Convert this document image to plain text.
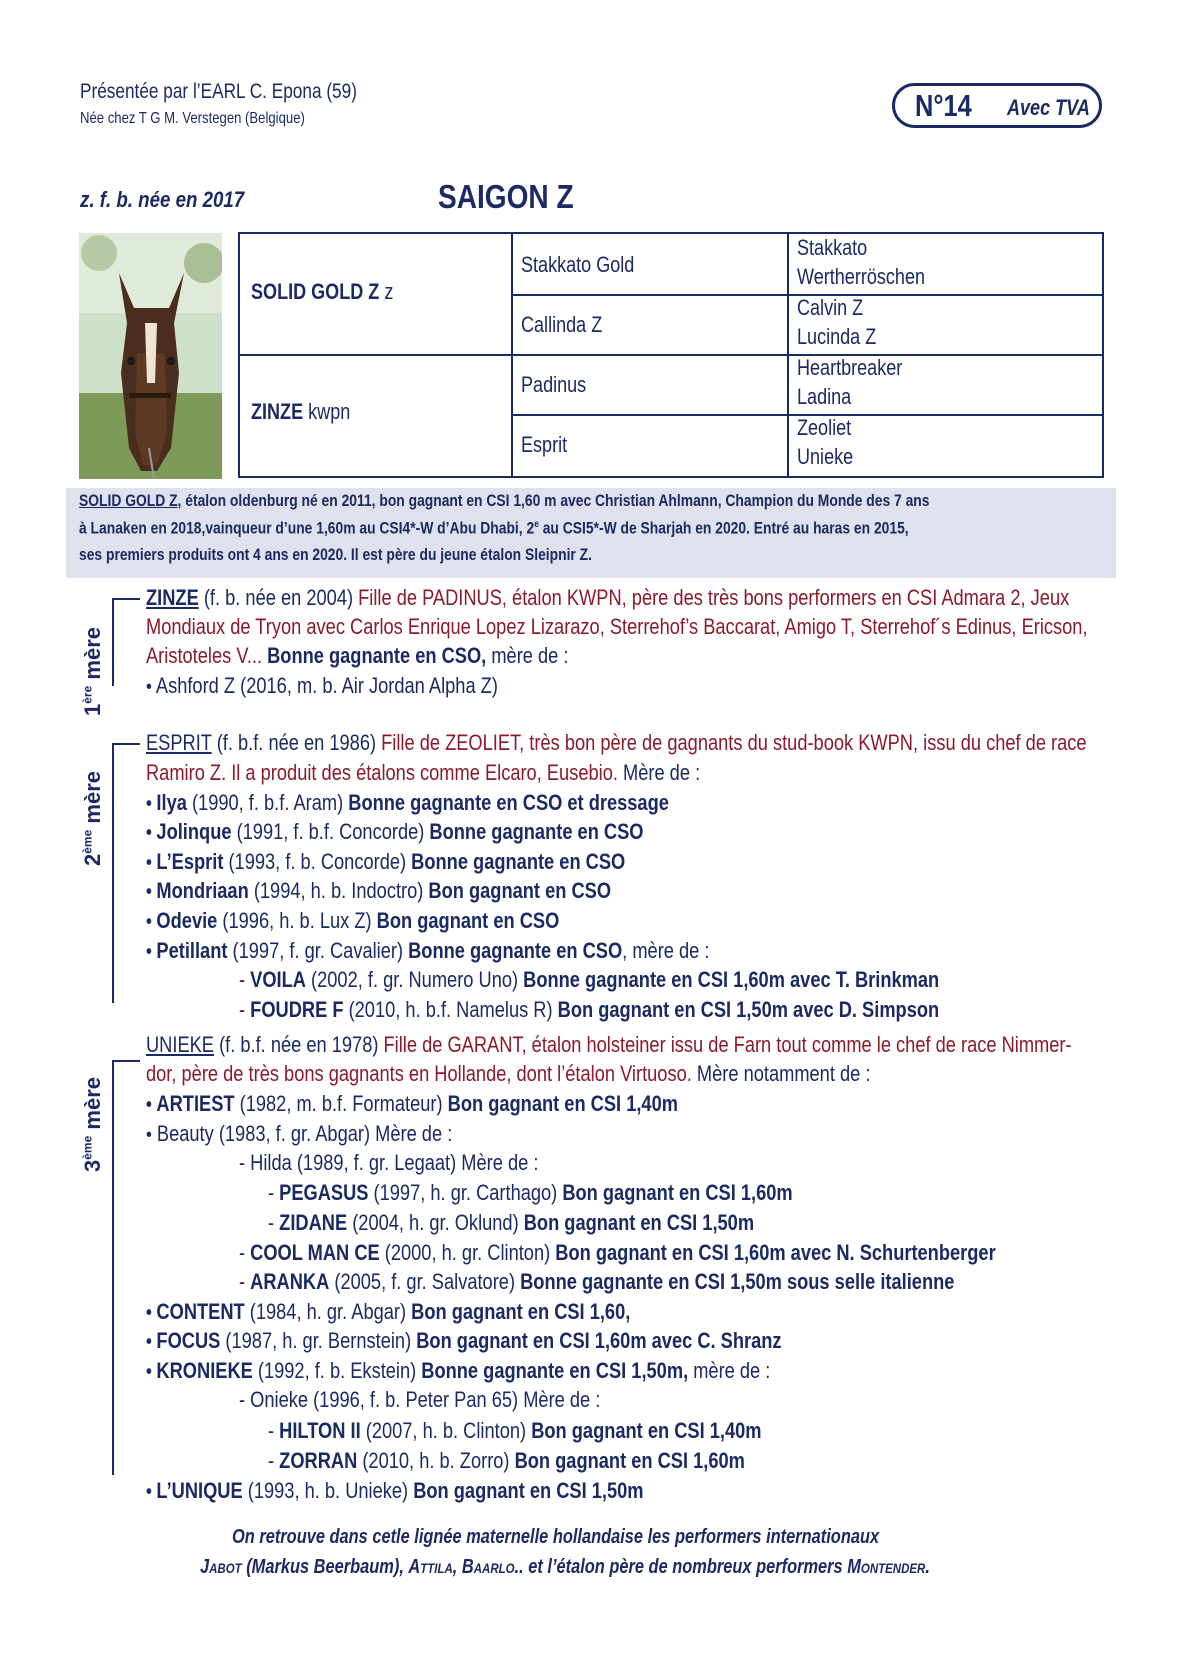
Présentée par l’EARL C. Epona (59)
Née chez T G M. Verstegen (Belgique)	N°14 Avec TVA
z. f. b. née en 2017	SAIGON Z
SOLID GOLD Z z
ZINZE kwpn
Stakkato Gold
Callinda Z
Padinus
Esprit
Stakkato
Wertherröschen
Calvin Z
Lucinda Z
Heartbreaker
Ladina
Zeoliet
Unieke
SOLID GOLD Z, étalon oldenburg né en 2011, bon gagnant en CSI 1,60 m avec Christian Ahlmann, Champion du Monde des 7 ans
à Lanaken en 2018,vainqueur d’une 1,60m au CSI4*-W d’Abu Dhabi, 2e au CSI5*-W de Sharjah en 2020. Entré au haras en 2015,
ses premiers produits ont 4 ans en 2020. Il est père du jeune étalon Sleipnir Z.
1ère mère
2ème mère
3ème mère
ZINZE (f. b. née en 2004) Fille de PADINUS, étalon KWPN, père des très bons performers en CSI Admara 2, Jeux
Mondiaux de Tryon avec Carlos Enrique Lopez Lizarazo, Sterrehof’s Baccarat, Amigo T, Sterrehof´s Edinus, Ericson,
Aristoteles V... Bonne gagnante en CSO, mère de :
• Ashford Z (2016, m. b. Air Jordan Alpha Z)
ESPRIT (f. b.f. née en 1986) Fille de ZEOLIET, très bon père de gagnants du stud-book KWPN, issu du chef de race
Ramiro Z. Il a produit des étalons comme Elcaro, Eusebio. Mère de :
• Ilya (1990, f. b.f. Aram) Bonne gagnante en CSO et dressage
• Jolinque (1991, f. b.f. Concorde) Bonne gagnante en CSO
• L’Esprit (1993, f. b. Concorde) Bonne gagnante en CSO
• Mondriaan (1994, h. b. Indoctro) Bon gagnant en CSO
• Odevie (1996, h. b. Lux Z) Bon gagnant en CSO
• Petillant (1997, f. gr. Cavalier) Bonne gagnante en CSO, mère de :
- VOILA (2002, f. gr. Numero Uno) Bonne gagnante en CSI 1,60m avec T. Brinkman
- FOUDRE F (2010, h. b.f. Namelus R) Bon gagnant en CSI 1,50m avec D. Simpson
UNIEKE (f. b.f. née en 1978) Fille de GARANT, étalon holsteiner issu de Farn tout comme le chef de race Nimmer-
dor, père de très bons gagnants en Hollande, dont l’étalon Virtuoso. Mère notamment de :
• ARTIEST (1982, m. b.f. Formateur) Bon gagnant en CSI 1,40m
• Beauty (1983, f. gr. Abgar) Mère de :
- Hilda (1989, f. gr. Legaat) Mère de :
- PEGASUS (1997, h. gr. Carthago) Bon gagnant en CSI 1,60m
- ZIDANE (2004, h. gr. Oklund) Bon gagnant en CSI 1,50m
- COOL MAN CE (2000, h. gr. Clinton) Bon gagnant en CSI 1,60m avec N. Schurtenberger
- ARANKA (2005, f. gr. Salvatore) Bonne gagnante en CSI 1,50m sous selle italienne
• CONTENT (1984, h. gr. Abgar) Bon gagnant en CSI 1,60,
• FOCUS (1987, h. gr. Bernstein) Bon gagnant en CSI 1,60m avec C. Shranz
• KRONIEKE (1992, f. b. Ekstein) Bonne gagnante en CSI 1,50m, mère de :
- Onieke (1996, f. b. Peter Pan 65) Mère de :
- HILTON II (2007, h. b. Clinton) Bon gagnant en CSI 1,40m
- ZORRAN (2010, h. b. Zorro) Bon gagnant en CSI 1,60m
• L’UNIQUE (1993, h. b. Unieke) Bon gagnant en CSI 1,50m
On retrouve dans cetle lignée maternelle hollandaise les performers internationaux
Jabot (Markus Beerbaum), Attila, Baarlo.. et l’étalon père de nombreux performers Montender.
